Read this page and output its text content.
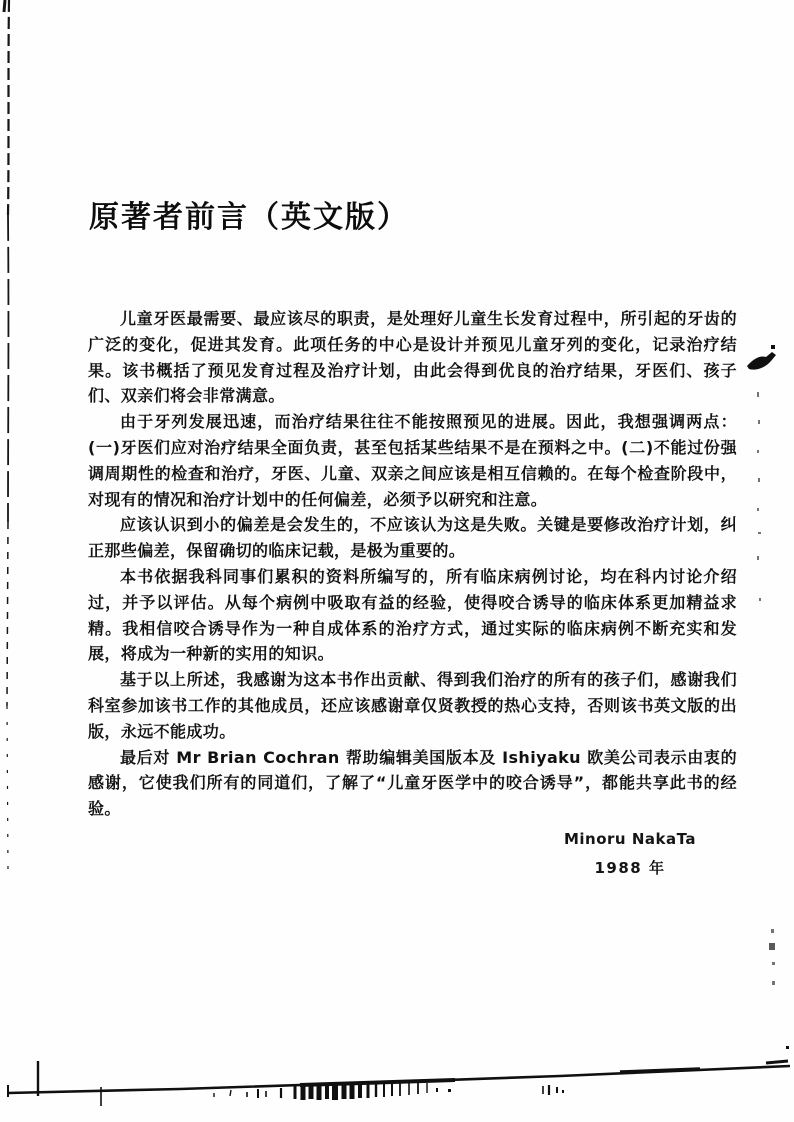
原著者前言（英文版）

儿童牙医最需要、最应该尽的职责，是处理好儿童生长发育过程中，所引起的牙齿的广泛的变化，促进其发育。此项任务的中心是设计并预见儿童牙列的变化，记录治疗结果。该书概括了预见发育过程及治疗计划，由此会得到优良的治疗结果，牙医们、孩子们、双亲们将会非常满意。

由于牙列发展迅速，而治疗结果往往不能按照预见的进展。因此，我想强调两点：(一)牙医们应对治疗结果全面负责，甚至包括某些结果不是在预料之中。(二)不能过份强调周期性的检查和治疗，牙医、儿童、双亲之间应该是相互信赖的。在每个检查阶段中，对现有的情况和治疗计划中的任何偏差，必须予以研究和注意。

应该认识到小的偏差是会发生的，不应该认为这是失败。关键是要修改治疗计划，纠正那些偏差，保留确切的临床记载，是极为重要的。

本书依据我科同事们累积的资料所编写的，所有临床病例讨论，均在科内讨论介绍过，并予以评估。从每个病例中吸取有益的经验，使得咬合诱导的临床体系更加精益求精。我相信咬合诱导作为一种自成体系的治疗方式，通过实际的临床病例不断充实和发展，将成为一种新的实用的知识。

基于以上所述，我感谢为这本书作出贡献、得到我们治疗的所有的孩子们，感谢我们科室参加该书工作的其他成员，还应该感谢章仅贤教授的热心支持，否则该书英文版的出版，永远不能成功。

最后对 Mr Brian Cochran 帮助编辑美国版本及 Ishiyaku 欧美公司表示由衷的感谢，它使我们所有的同道们，了解了“儿童牙医学中的咬合诱导”，都能共享此书的经验。

Minoru NakaTa
1988 年
